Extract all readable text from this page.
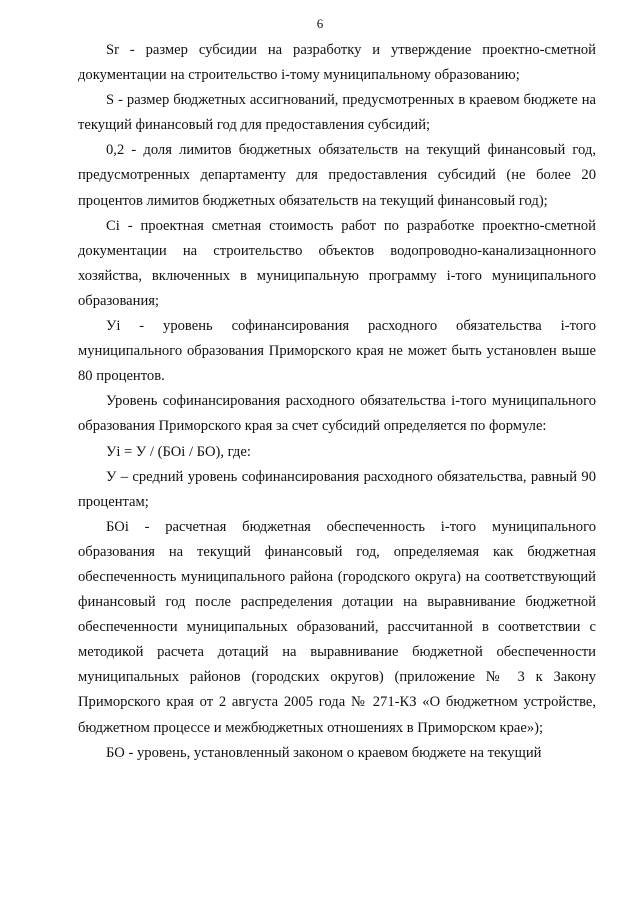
6

Sr - размер субсидии на разработку и утверждение проектно-сметной документации на строительство i-тому муниципальному образованию;

S - размер бюджетных ассигнований, предусмотренных в краевом бюджете на текущий финансовый год для предоставления субсидий;

0,2 - доля лимитов бюджетных обязательств на текущий финансовый год, предусмотренных департаменту для предоставления субсидий (не более 20 процентов лимитов бюджетных обязательств на текущий финансовый год);

Ci - проектная сметная стоимость работ по разработке проектно-сметной документации на строительство объектов водопроводно-канализацнонного хозяйства, включенных в муниципальную программу i-того муниципального образования;

Уi - уровень софинансирования расходного обязательства i-того муниципального образования Приморского края не может быть установлен выше 80 процентов.

Уровень софинансирования расходного обязательства i-того муниципального образования Приморского края за счет субсидий определяется по формуле:

Уi = У / (БОi / БО), где:

У – средний уровень софинансирования расходного обязательства, равный 90 процентам;

БОi - расчетная бюджетная обеспеченность i-того муниципального образования на текущий финансовый год, определяемая как бюджетная обеспеченность муниципального района (городского округа) на соответствующий финансовый год после распределения дотации на выравнивание бюджетной обеспеченности муниципальных образований, рассчитанной в соответствии с методикой расчета дотаций на выравнивание бюджетной обеспеченности муниципальных районов (городских округов) (приложение № 3 к Закону Приморского края от 2 августа 2005 года № 271-КЗ «О бюджетном устройстве, бюджетном процессе и межбюджетных отношениях в Приморском крае»);

БО - уровень, установленный законом о краевом бюджете на текущий
